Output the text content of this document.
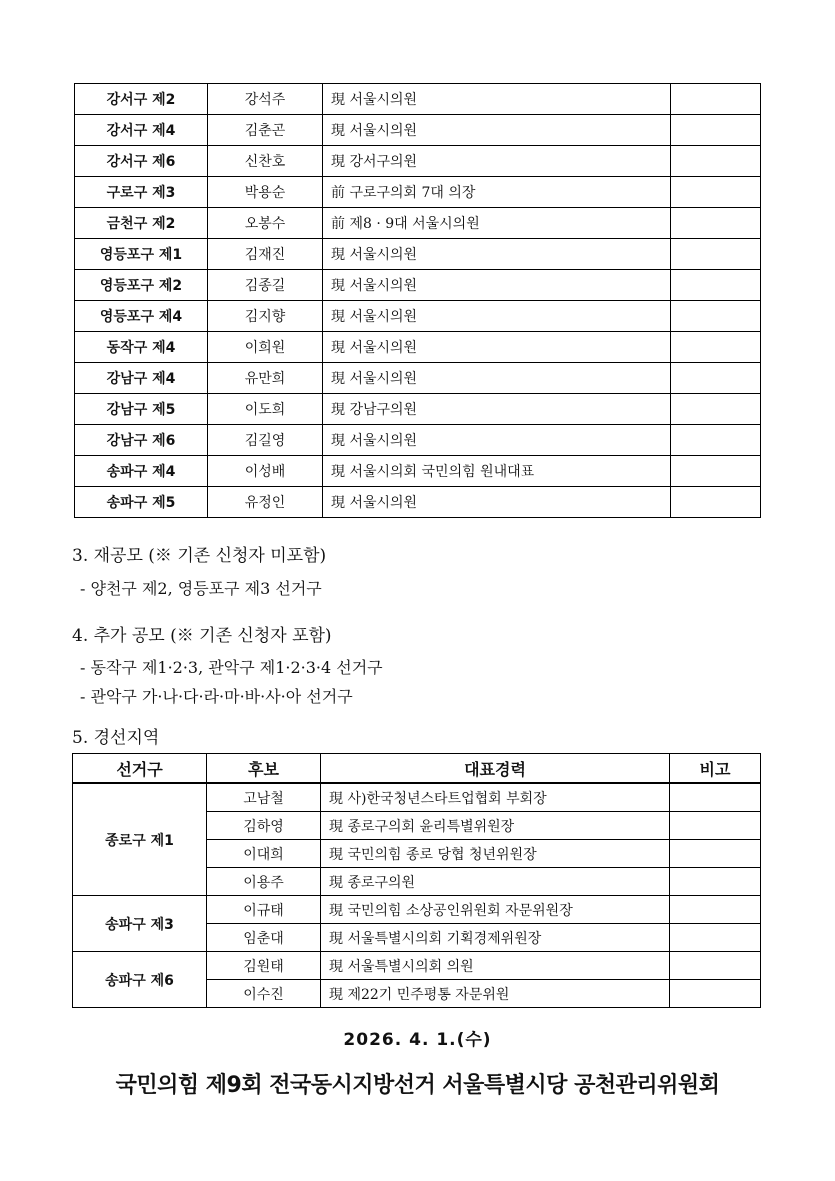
강서구 제2	강석주	現 서울시의원	
강서구 제4	김춘곤	現 서울시의원	
강서구 제6	신찬호	現 강서구의원	
구로구 제3	박용순	前 구로구의회 7대 의장	
금천구 제2	오봉수	前 제8 · 9대 서울시의원	
영등포구 제1	김재진	現 서울시의원	
영등포구 제2	김종길	現 서울시의원	
영등포구 제4	김지향	現 서울시의원	
동작구 제4	이희원	現 서울시의원	
강남구 제4	유만희	現 서울시의원	
강남구 제5	이도희	現 강남구의원	
강남구 제6	김길영	現 서울시의원	
송파구 제4	이성배	現 서울시의회 국민의힘 원내대표	
송파구 제5	유정인	現 서울시의원	

3. 재공모 (※ 기존 신청자 미포함)

- 양천구 제2, 영등포구 제3 선거구

4. 추가 공모 (※ 기존 신청자 포함)

- 동작구 제1·2·3, 관악구 제1·2·3·4 선거구

- 관악구 가·나·다·라·마·바·사·아 선거구

5. 경선지역

선거구	후보	대표경력	비고
종로구 제1	고남철	現 사)한국청년스타트업협회 부회장	
	김하영	現 종로구의회 윤리특별위원장	
	이대희	現 국민의힘 종로 당협 청년위원장	
	이용주	現 종로구의원	
송파구 제3	이규태	現 국민의힘 소상공인위원회 자문위원장	
	임춘대	現 서울특별시의회 기획경제위원장	
송파구 제6	김원태	現 서울특별시의회 의원	
	이수진	現 제22기 민주평통 자문위원	
2026. 4. 1.(수)
국민의힘 제9회 전국동시지방선거 서울특별시당 공천관리위원회
